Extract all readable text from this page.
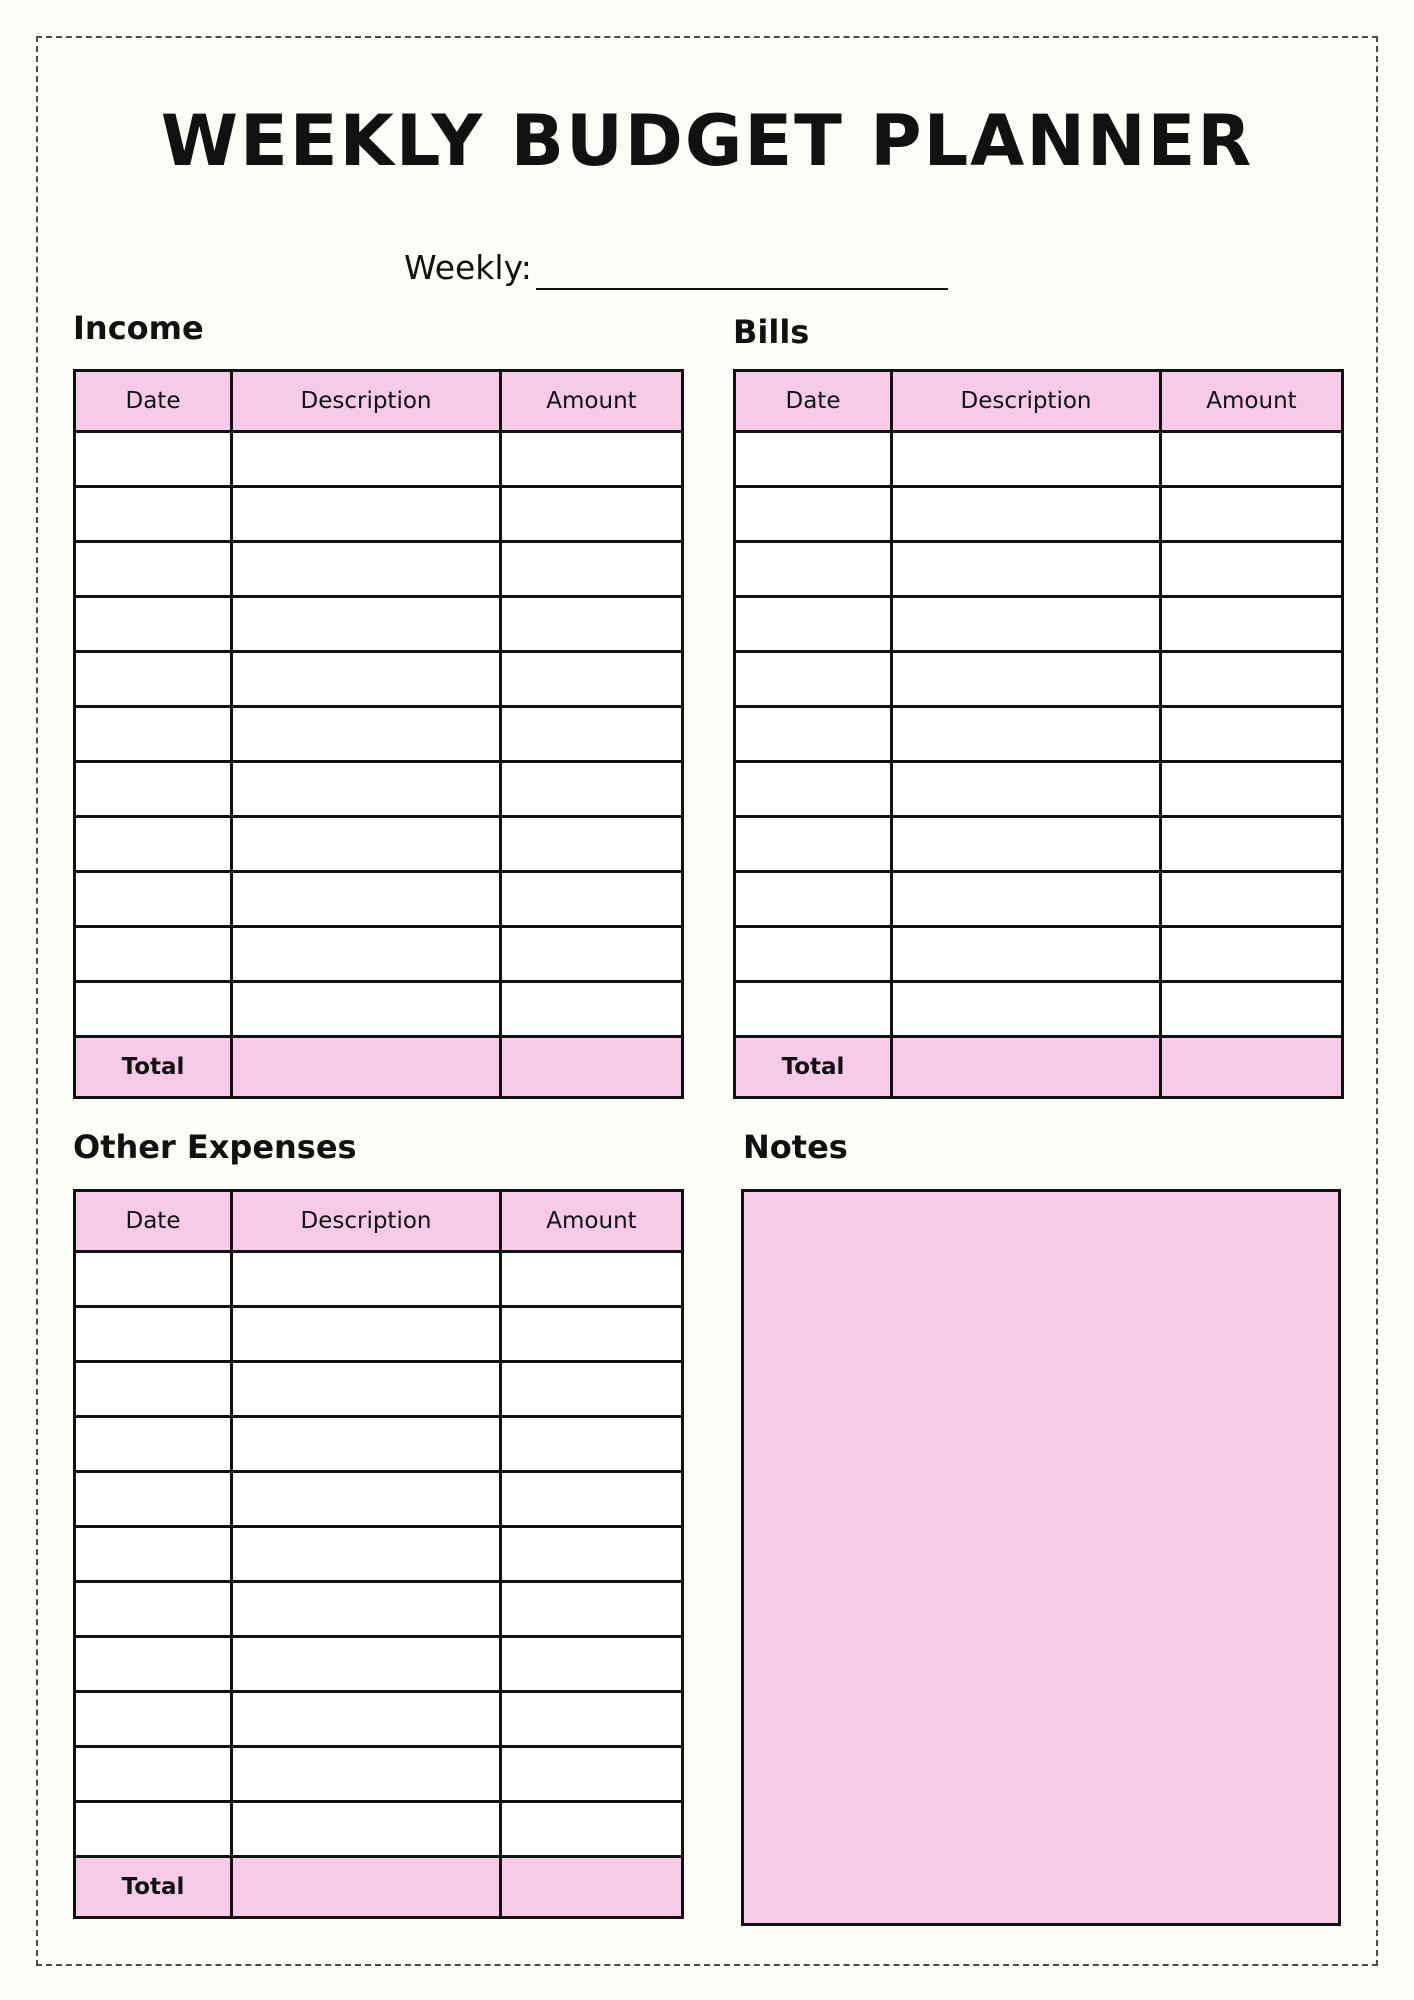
WEEKLY BUDGET PLANNER
Weekly:
Income
Date	Description	Amount

Total		
Bills
Date	Description	Amount

Total		
Other Expenses
Date	Description	Amount

Total		
Notes
